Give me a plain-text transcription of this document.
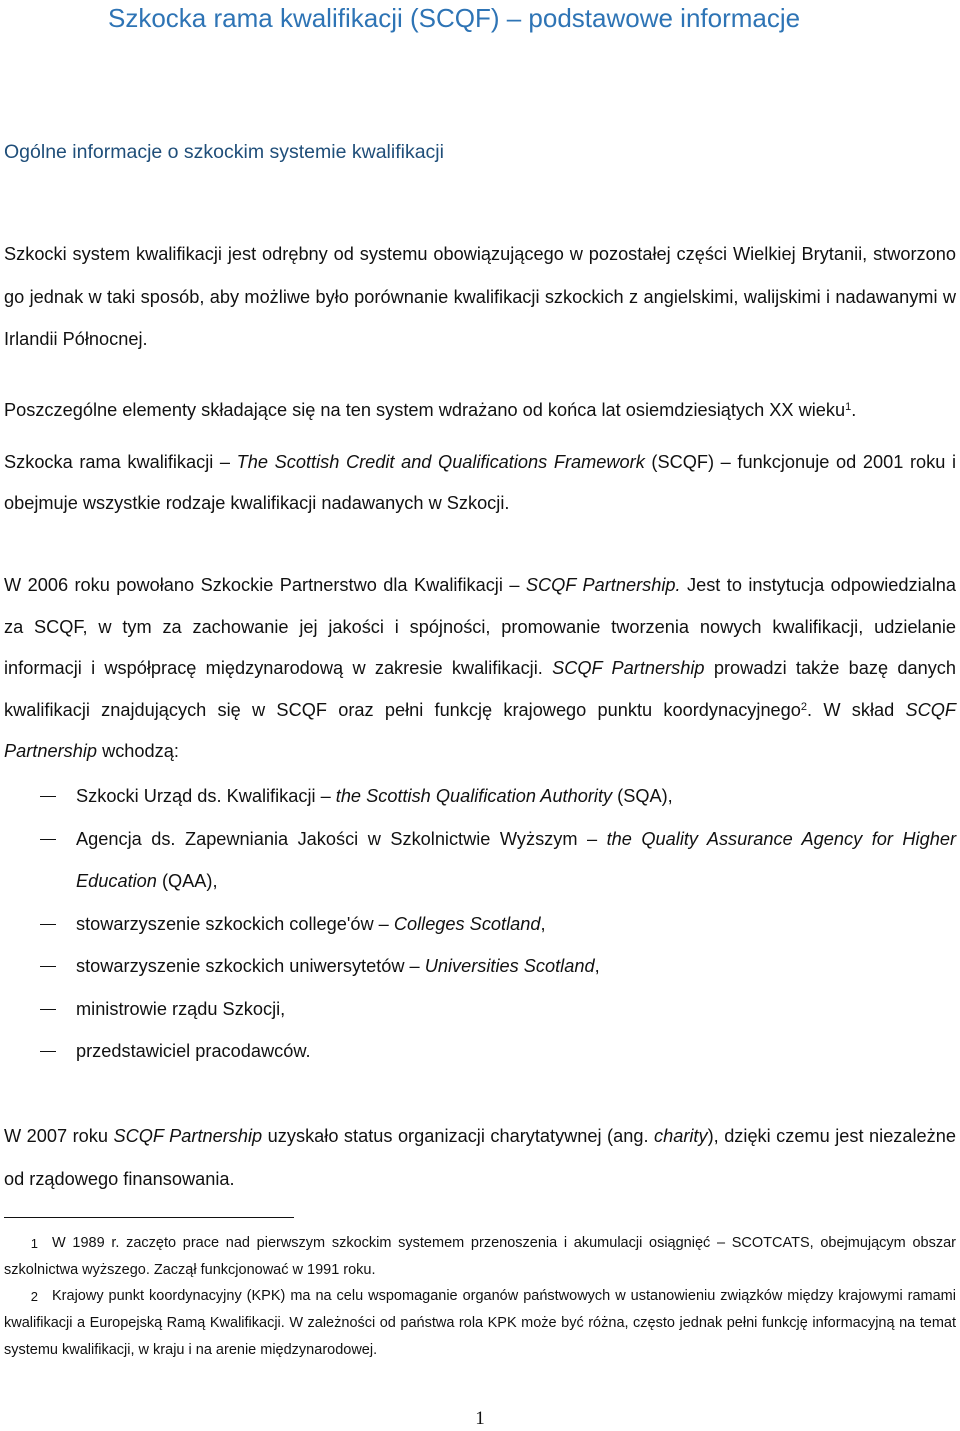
Szkocka rama kwalifikacji (SCQF) – podstawowe informacje
Ogólne informacje o szkockim systemie kwalifikacji

Szkocki system kwalifikacji jest odrębny od systemu obowiązującego w pozostałej części Wielkiej Brytanii, stworzono go jednak w taki sposób, aby możliwe było porównanie kwalifikacji szkockich z angielskimi, walijskimi i nadawanymi w Irlandii Północnej.

Poszczególne elementy składające się na ten system wdrażano od końca lat osiemdziesiątych XX wieku$^1$.

Szkocka rama kwalifikacji – The Scottish Credit and Qualifications Framework (SCQF) – funkcjonuje od 2001 roku i obejmuje wszystkie rodzaje kwalifikacji nadawanych w Szkocji.

W 2006 roku powołano Szkockie Partnerstwo dla Kwalifikacji – SCQF Partnership. Jest to instytucja odpowiedzialna za SCQF, w tym za zachowanie jej jakości i spójności, promowanie tworzenia nowych kwalifikacji, udzielanie informacji i współpracę międzynarodową w zakresie kwalifikacji. SCQF Partnership prowadzi także bazę danych kwalifikacji znajdujących się w SCQF oraz pełni funkcję krajowego punktu koordynacyjnego$^2$. W skład SCQF Partnership wchodzą:

Szkocki Urząd ds. Kwalifikacji – the Scottish Qualification Authority (SQA),
Agencja ds. Zapewniania Jakości w Szkolnictwie Wyższym – the Quality Assurance Agency for Higher Education (QAA),
stowarzyszenie szkockich college'ów – Colleges Scotland,
stowarzyszenie szkockich uniwersytetów – Universities Scotland,
ministrowie rządu Szkocji,
przedstawiciel pracodawców.

W 2007 roku SCQF Partnership uzyskało status organizacji charytatywnej (ang. charity), dzięki czemu jest niezależne od rządowego finansowania.

1 W 1989 r. zaczęto prace nad pierwszym szkockim systemem przenoszenia i akumulacji osiągnięć – SCOTCATS, obejmującym obszar szkolnictwa wyższego. Zaczął funkcjonować w 1991 roku.

2 Krajowy punkt koordynacyjny (KPK) ma na celu wspomaganie organów państwowych w ustanowieniu związków między krajowymi ramami kwalifikacji a Europejską Ramą Kwalifikacji. W zależności od państwa rola KPK może być różna, często jednak pełni funkcję informacyjną na temat systemu kwalifikacji, w kraju i na arenie międzynarodowej.

1
